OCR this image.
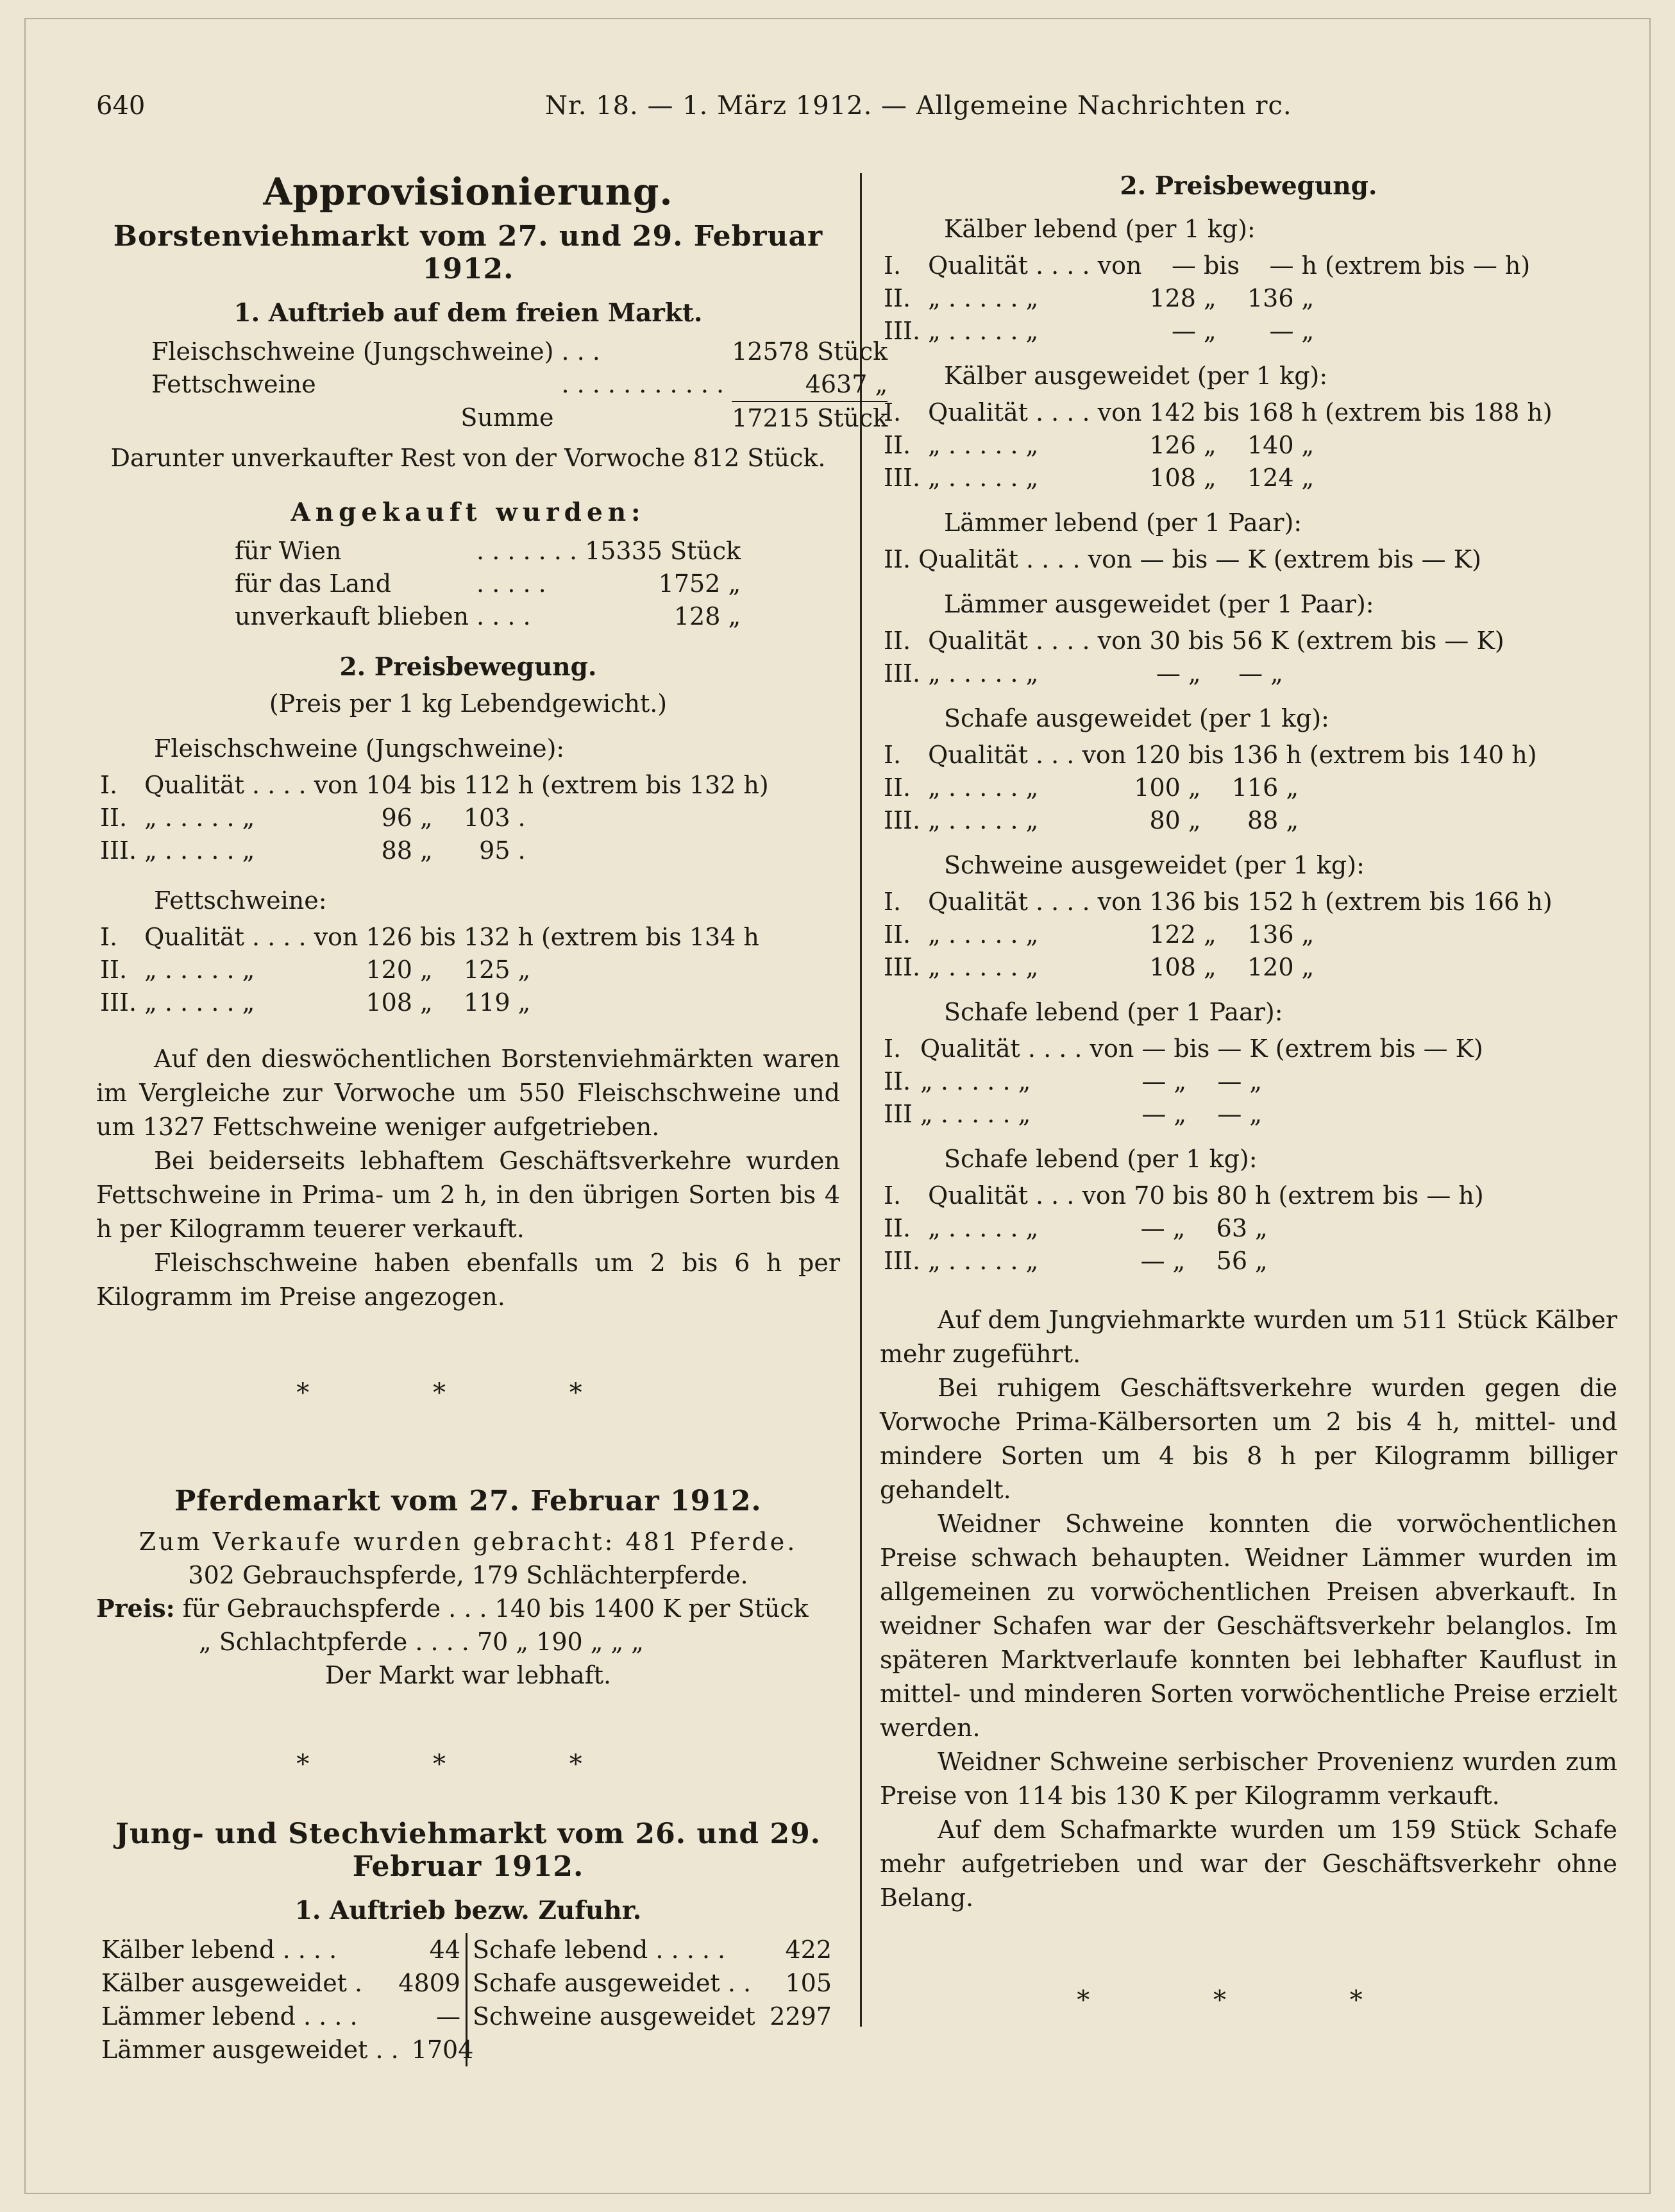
640	Nr. 18. — 1. März 1912. — Allgemeine Nachrichten rc.
Approvisionierung.
Borstenviehmarkt vom 27. und 29. Februar 1912.
1. Auftrieb auf dem freien Markt.
Fleischschweine (Jungschweine)	. . .	12578 Stück
Fettschweine	. . . . . . . . . . .	4637 „
Summe		17215 Stück
Darunter unverkaufter Rest von der Vorwoche 812 Stück.
Angekauft wurden:
für Wien	. . . . . . .	15335 Stück
für das Land	. . . . .	1752 „
unverkauft blieben	. . . .	128 „
2. Preisbewegung.
(Preis per 1 kg Lebendgewicht.)
Fleischschweine (Jungschweine):
I.	Qualität . . . . von	104	bis	112	h	(extrem bis 132 h)
II.	„ . . . . . „	96	„	103	.	
III.	„ . . . . . „	88	„	95	.	
Fettschweine:
I.	Qualität . . . . von	126	bis	132	h	(extrem bis 134 h
II.	„ . . . . . „	120	„	125	„	
III.	„ . . . . . „	108	„	119	„	

Auf den dieswöchentlichen Borstenviehmärkten waren im Vergleiche zur Vorwoche um 550 Fleischschweine und um 1327 Fettschweine weniger aufgetrieben.

Bei beiderseits lebhaftem Geschäftsverkehre wurden Fettschweine in Prima- um 2 h, in den übrigen Sorten bis 4 h per Kilogramm teuerer verkauft.

Fleischschweine haben ebenfalls um 2 bis 6 h per Kilogramm im Preise angezogen.

* * *
Pferdemarkt vom 27. Februar 1912.
Zum Verkaufe wurden gebracht: 481 Pferde.
302 Gebrauchspferde, 179 Schlächterpferde.
Preis: für Gebrauchspferde . . . 140 bis 1400 K per Stück
„ Schlachtpferde . . . . 70 „ 190 „ „ „
Der Markt war lebhaft.
* * *
Jung- und Stechviehmarkt vom 26. und 29. Februar 1912.
1. Auftrieb bezw. Zufuhr.
Kälber lebend . . . .	44
Kälber ausgeweidet . 4809
Lämmer lebend . . . .	—
Lämmer ausgeweidet . . 1704
Schafe lebend . . . . . 422
Schafe ausgeweidet . . 105
Schweine ausgeweidet 2297
2. Preisbewegung.
Kälber lebend (per 1 kg):
I.	Qualität . . . . von	—	bis	—	h	(extrem bis — h)
II.	„ . . . . . „	128	„	136	„	
III.	„ . . . . . „	—	„	—	„	
Kälber ausgeweidet (per 1 kg):
I.	Qualität . . . . von	142	bis	168	h	(extrem bis 188 h)
II.	„ . . . . . „	126	„	140	„	
III.	„ . . . . . „	108	„	124	„	
Lämmer lebend (per 1 Paar):
II.	Qualität . . . . von	—	bis	—	K	(extrem bis — K)
Lämmer ausgeweidet (per 1 Paar):
II.	Qualität . . . . von	30	bis	56	K	(extrem bis — K)
III.	„ . . . . . „	—	„	—	„	
Schafe ausgeweidet (per 1 kg):
I.	Qualität . . . von	120	bis	136	h	(extrem bis 140 h)
II.	„ . . . . . „	100	„	116	„	
III.	„ . . . . . „	80	„	88	„	
Schweine ausgeweidet (per 1 kg):
I.	Qualität . . . . von	136	bis	152	h	(extrem bis 166 h)
II.	„ . . . . . „	122	„	136	„	
III.	„ . . . . . „	108	„	120	„	
Schafe lebend (per 1 Paar):
I.	Qualität . . . . von	—	bis	—	K	(extrem bis — K)
II.	„ . . . . . „	—	„	—	„	
III	„ . . . . . „	—	„	—	„	
Schafe lebend (per 1 kg):
I.	Qualität . . . von	70	bis	80	h	(extrem bis — h)
II.	„ . . . . . „	—	„	63	„	
III.	„ . . . . . „	—	„	56	„	

Auf dem Jungviehmarkte wurden um 511 Stück Kälber mehr zugeführt.

Bei ruhigem Geschäftsverkehre wurden gegen die Vorwoche Prima-Kälbersorten um 2 bis 4 h, mittel- und mindere Sorten um 4 bis 8 h per Kilogramm billiger gehandelt.

Weidner Schweine konnten die vorwöchentlichen Preise schwach behaupten. Weidner Lämmer wurden im allgemeinen zu vorwöchentlichen Preisen abverkauft. In weidner Schafen war der Geschäftsverkehr belanglos. Im späteren Marktverlaufe konnten bei lebhafter Kauflust in mittel- und minderen Sorten vorwöchentliche Preise erzielt werden.

Weidner Schweine serbischer Provenienz wurden zum Preise von 114 bis 130 K per Kilogramm verkauft.

Auf dem Schafmarkte wurden um 159 Stück Schafe mehr aufgetrieben und war der Geschäftsverkehr ohne Belang.

* * *
